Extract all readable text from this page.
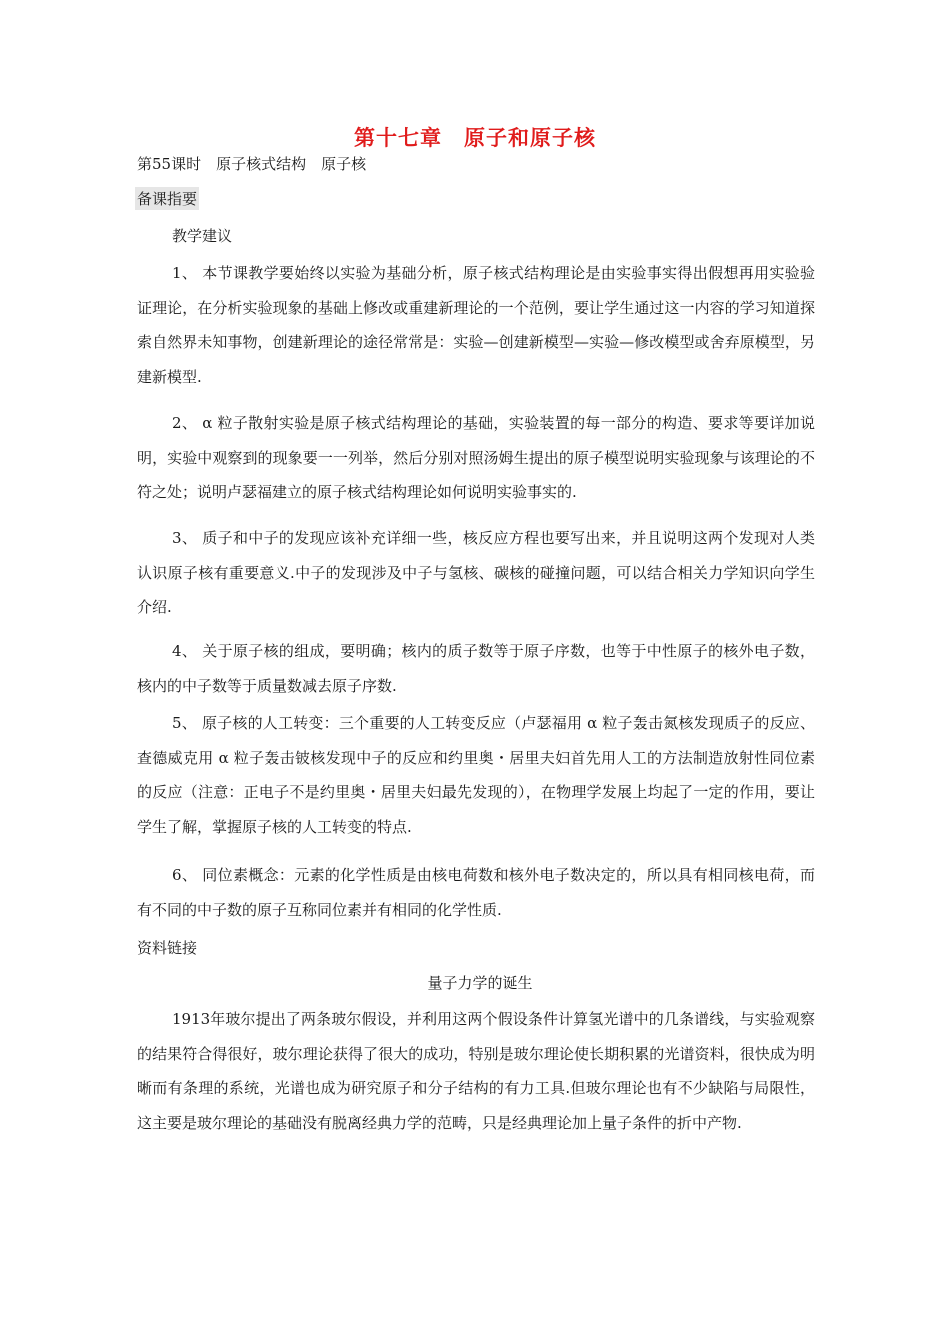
第十七章　原子和原子核
第55课时　原子核式结构　原子核
备课指要
教学建议

1、 本节课教学要始终以实验为基础分析，原子核式结构理论是由实验事实得出假想再用实验验证理论，在分析实验现象的基础上修改或重建新理论的一个范例，要让学生通过这一内容的学习知道探索自然界未知事物，创建新理论的途径常常是：实验—创建新模型—实验—修改模型或舍弃原模型，另建新模型.

2、 α 粒子散射实验是原子核式结构理论的基础，实验装置的每一部分的构造、要求等要详加说明，实验中观察到的现象要一一列举，然后分别对照汤姆生提出的原子模型说明实验现象与该理论的不符之处；说明卢瑟福建立的原子核式结构理论如何说明实验事实的.

3、 质子和中子的发现应该补充详细一些，核反应方程也要写出来，并且说明这两个发现对人类认识原子核有重要意义.中子的发现涉及中子与氢核、碳核的碰撞问题，可以结合相关力学知识向学生介绍.

4、 关于原子核的组成，要明确；核内的质子数等于原子序数，也等于中性原子的核外电子数，核内的中子数等于质量数减去原子序数.

5、 原子核的人工转变：三个重要的人工转变反应（卢瑟福用 α 粒子轰击氮核发现质子的反应、查德威克用 α 粒子轰击铍核发现中子的反应和约里奥・居里夫妇首先用人工的方法制造放射性同位素的反应（注意：正电子不是约里奥・居里夫妇最先发现的），在物理学发展上均起了一定的作用，要让学生了解，掌握原子核的人工转变的特点.

6、 同位素概念：元素的化学性质是由核电荷数和核外电子数决定的，所以具有相同核电荷，而有不同的中子数的原子互称同位素并有相同的化学性质.

资料链接
量子力学的诞生

1913年玻尔提出了两条玻尔假设，并利用这两个假设条件计算氢光谱中的几条谱线，与实验观察的结果符合得很好，玻尔理论获得了很大的成功，特别是玻尔理论使长期积累的光谱资料，很快成为明晰而有条理的系统，光谱也成为研究原子和分子结构的有力工具.但玻尔理论也有不少缺陷与局限性，这主要是玻尔理论的基础没有脱离经典力学的范畴，只是经典理论加上量子条件的折中产物.
